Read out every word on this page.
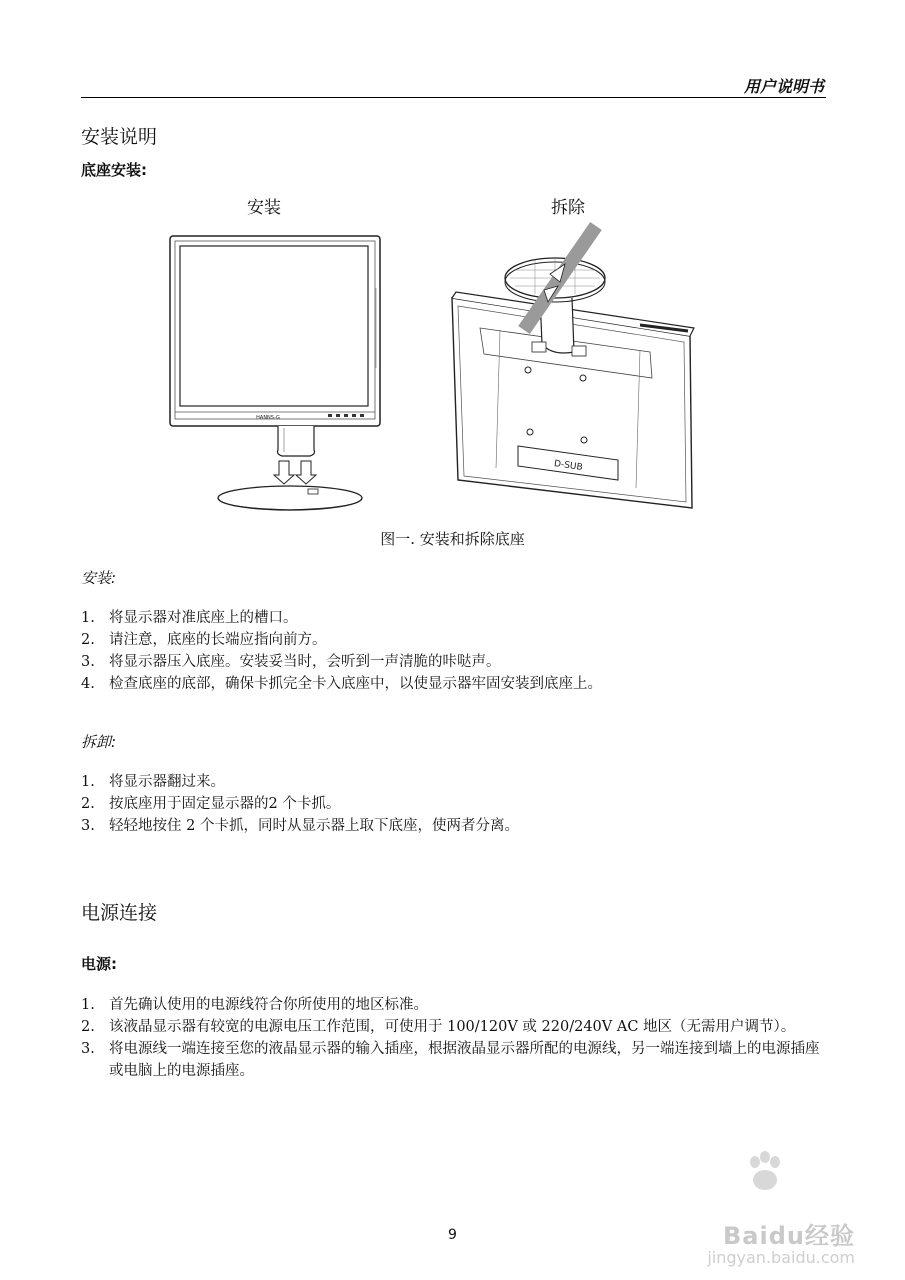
用户说明书
安装说明
底座安装:
安装	拆除
HANNS-G
D-SUB
图一. 安装和拆除底座
安装:
1. 将显示器对准底座上的槽口。
2. 请注意，底座的长端应指向前方。
3. 将显示器压入底座。安装妥当时，会听到一声清脆的咔哒声。
4. 检查底座的底部，确保卡抓完全卡入底座中，以使显示器牢固安装到底座上。
拆卸:
1. 将显示器翻过来。
2. 按底座用于固定显示器的2 个卡抓。
3. 轻轻地按住 2 个卡抓，同时从显示器上取下底座，使两者分离。
电源连接
电源:
1. 首先确认使用的电源线符合你所使用的地区标准。
2. 该液晶显示器有较宽的电源电压工作范围，可使用于 100/120V 或 220/240V AC 地区（无需用户调节）。
3. 将电源线一端连接至您的液晶显示器的输入插座，根据液晶显示器所配的电源线，另一端连接到墙上的电源插座或电脑上的电源插座。
9	Baidu经验
jingyan.baidu.com
